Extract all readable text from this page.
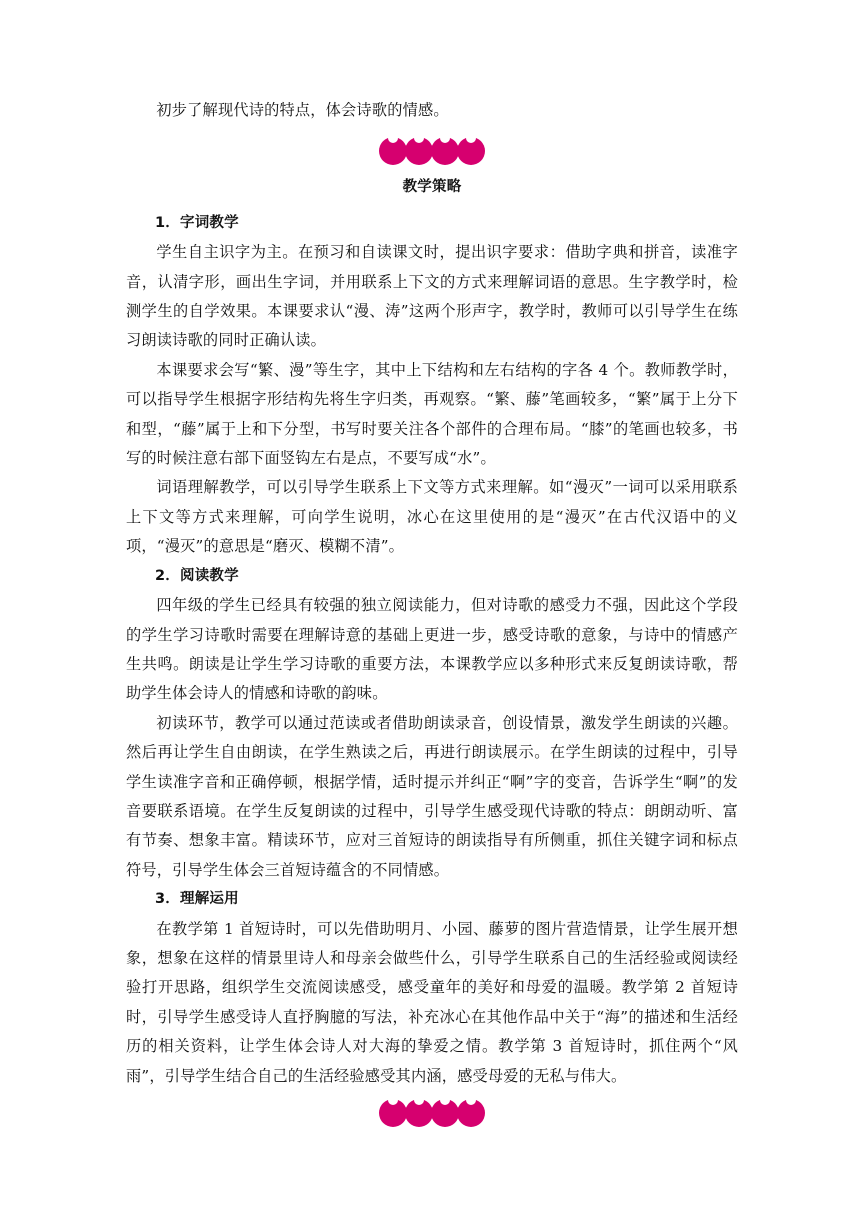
初步了解现代诗的特点，体会诗歌的情感。

教学策略

1．字词教学

学生自主识字为主。在预习和自读课文时，提出识字要求：借助字典和拼音，读准字音，认清字形，画出生字词，并用联系上下文的方式来理解词语的意思。生字教学时，检测学生的自学效果。本课要求认“漫、涛”这两个形声字，教学时，教师可以引导学生在练习朗读诗歌的同时正确认读。

本课要求会写“繁、漫”等生字，其中上下结构和左右结构的字各 4 个。教师教学时，可以指导学生根据字形结构先将生字归类，再观察。“繁、藤”笔画较多，“繁”属于上分下和型，“藤”属于上和下分型，书写时要关注各个部件的合理布局。“膝”的笔画也较多，书写的时候注意右部下面竖钩左右是点，不要写成“水”。

词语理解教学，可以引导学生联系上下文等方式来理解。如“漫灭”一词可以采用联系上下文等方式来理解，可向学生说明，冰心在这里使用的是“漫灭”在古代汉语中的义项，“漫灭”的意思是“磨灭、模糊不清”。

2．阅读教学

四年级的学生已经具有较强的独立阅读能力，但对诗歌的感受力不强，因此这个学段的学生学习诗歌时需要在理解诗意的基础上更进一步，感受诗歌的意象，与诗中的情感产生共鸣。朗读是让学生学习诗歌的重要方法，本课教学应以多种形式来反复朗读诗歌，帮助学生体会诗人的情感和诗歌的韵味。

初读环节，教学可以通过范读或者借助朗读录音，创设情景，激发学生朗读的兴趣。然后再让学生自由朗读，在学生熟读之后，再进行朗读展示。在学生朗读的过程中，引导学生读准字音和正确停顿，根据学情，适时提示并纠正“啊”字的变音，告诉学生“啊”的发音要联系语境。在学生反复朗读的过程中，引导学生感受现代诗歌的特点：朗朗动听、富有节奏、想象丰富。精读环节，应对三首短诗的朗读指导有所侧重，抓住关键字词和标点符号，引导学生体会三首短诗蕴含的不同情感。

3．理解运用

在教学第 1 首短诗时，可以先借助明月、小园、藤萝的图片营造情景，让学生展开想象，想象在这样的情景里诗人和母亲会做些什么，引导学生联系自己的生活经验或阅读经验打开思路，组织学生交流阅读感受，感受童年的美好和母爱的温暖。教学第 2 首短诗时，引导学生感受诗人直抒胸臆的写法，补充冰心在其他作品中关于“海”的描述和生活经历的相关资料，让学生体会诗人对大海的挚爱之情。教学第 3 首短诗时，抓住两个“风雨”，引导学生结合自己的生活经验感受其内涵，感受母爱的无私与伟大。
